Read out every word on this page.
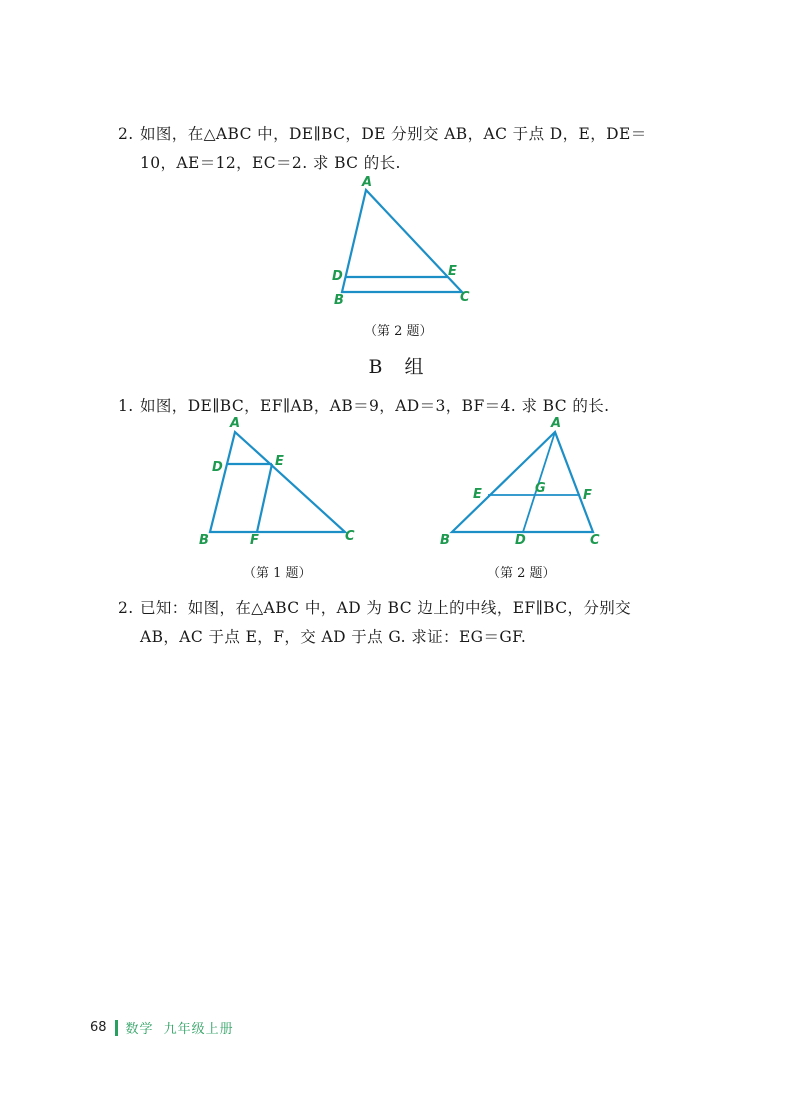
2. 如图，在△ABC 中，DE∥BC，DE 分别交 AB，AC 于点 D，E，DE＝
10，AE＝12，EC＝2. 求 BC 的长.

A
D	E
B	C
（第 2 题）
B 组

1. 如图，DE∥BC，EF∥AB，AB＝9，AD＝3，BF＝4. 求 BC 的长.

A
D	E
B	F	C
（第 1 题）
A
E	G	F
B	D	C
（第 2 题）

2. 已知：如图，在△ABC 中，AD 为 BC 边上的中线，EF∥BC，分别交
AB，AC 于点 E，F，交 AD 于点 G. 求证：EG＝GF.

68 数学 九年级上册
